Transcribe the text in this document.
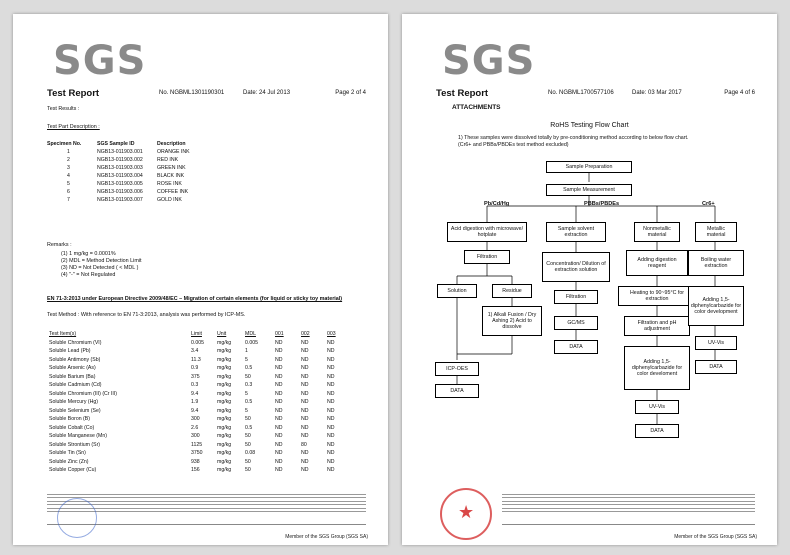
SGS
Test Report	No. NGBML1301190301	Date: 24 Jul 2013	Page 2 of 4
Test Results :
Test Part Description :
Specimen No.	SGS Sample ID	Description
1	NGB13-011903.001	ORANGE INK
2	NGB13-011903.002	RED INK
3	NGB13-011903.003	GREEN INK
4	NGB13-011903.004	BLACK INK
5	NGB13-011903.005	ROSE INK
6	NGB13-011903.006	COFFEE INK
7	NGB13-011903.007	GOLD INK
Remarks :
(1) 1 mg/kg = 0.0001%
(2) MDL = Method Detection Limit
(3) ND = Not Detected ( < MDL )
(4) "-" = Not Regulated
EN 71-3:2013 under European Directive 2009/48/EC – Migration of certain elements (for liquid or sticky toy material)
Test Method : With reference to EN 71-3:2013, analysis was performed by ICP-MS.
Test Item(s)	Limit	Unit	MDL	001	002	003
Soluble Chromium (VI)	0.005	mg/kg	0.005	ND	ND	ND
Soluble Lead (Pb)	3.4	mg/kg	1	ND	ND	ND
Soluble Antimony (Sb)	11.3	mg/kg	5	ND	ND	ND
Soluble Arsenic (As)	0.9	mg/kg	0.5	ND	ND	ND
Soluble Barium (Ba)	375	mg/kg	50	ND	ND	ND
Soluble Cadmium (Cd)	0.3	mg/kg	0.3	ND	ND	ND
Soluble Chromium (III) (Cr III)	9.4	mg/kg	5	ND	ND	ND
Soluble Mercury (Hg)	1.9	mg/kg	0.5	ND	ND	ND
Soluble Selenium (Se)	9.4	mg/kg	5	ND	ND	ND
Soluble Boron (B)	300	mg/kg	50	ND	ND	ND
Soluble Cobalt (Co)	2.6	mg/kg	0.5	ND	ND	ND
Soluble Manganese (Mn)	300	mg/kg	50	ND	ND	ND
Soluble Strontium (Sr)	1125	mg/kg	50	ND	80	ND
Soluble Tin (Sn)	3750	mg/kg	0.08	ND	ND	ND
Soluble Zinc (Zn)	938	mg/kg	50	ND	ND	ND
Soluble Copper (Cu)	156	mg/kg	50	ND	ND	ND
Member of the SGS Group (SGS SA)
SGS
Test Report	No. NGBML1700577106	Date: 03 Mar 2017	Page 4 of 6
ATTACHMENTS
RoHS Testing Flow Chart
1) These samples were dissolved totally by pre-conditioning method according to below flow chart.
(Cr6+ and PBBs/PBDEs test method excluded)
Pb/Cd/Hg	PBBs/PBDEs	Cr6+
Sample Preparation
Sample Measurement
Acid digestion with microwave/ hotplate
Filtration
Solution	Residue
1) Alkali Fusion / Dry Ashing 2) Acid to dissolve
ICP-OES
DATA
Sample solvent extraction
Concentration/ Dilution of extraction solution
Filtration
GC/MS
DATA
Nonmetallic material
Adding digestion reagent
Heating to 90~95°C for extraction
Filtration and pH adjustment
Adding 1,5-diphenylcarbazide for color develoment
UV-Vis
DATA
Metallic material
Boiling water extraction
Adding 1,5-diphenylcarbazide for color development
UV-Vis
DATA
★
Member of the SGS Group (SGS SA)
